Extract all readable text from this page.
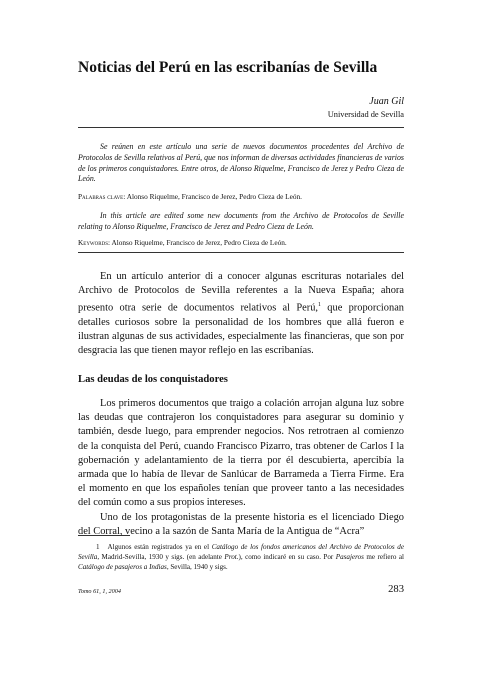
Noticias del Perú en las escribanías de Sevilla
Juan Gil
Universidad de Sevilla

Se reúnen en este artículo una serie de nuevos documentos procedentes del Archivo de Protocolos de Sevilla relativos al Perú, que nos informan de diversas actividades financieras de varios de los primeros conquistadores. Entre otros, de Alonso Riquelme, Francisco de Jerez y Pedro Cieza de León.

Palabras clave: Alonso Riquelme, Francisco de Jerez, Pedro Cieza de León.

In this article are edited some new documents from the Archivo de Protocolos de Seville relating to Alonso Riquelme, Francisco de Jerez and Pedro Cieza de León.

Keywords: Alonso Riquelme, Francisco de Jerez, Pedro Cieza de León.

En un artículo anterior di a conocer algunas escrituras notariales del Archivo de Protocolos de Sevilla referentes a la Nueva España; ahora presento otra serie de documentos relativos al Perú,$^1$ que proporcionan detalles curiosos sobre la personalidad de los hombres que allá fueron e ilustran algunas de sus actividades, especialmente las financieras, que son por desgracia las que tienen mayor reflejo en las escribanías.

Las deudas de los conquistadores

Los primeros documentos que traigo a colación arrojan alguna luz sobre las deudas que contrajeron los conquistadores para asegurar su dominio y también, desde luego, para emprender negocios. Nos retrotraen al comienzo de la conquista del Perú, cuando Francisco Pizarro, tras obtener de Carlos I la gobernación y adelantamiento de la tierra por él descubierta, apercibía la armada que lo había de llevar de Sanlúcar de Barrameda a Tierra Firme. Era el momento en que los españoles tenían que proveer tanto a las necesidades del común como a sus propios intereses.

Uno de los protagonistas de la presente historia es el licenciado Diego del Corral, vecino a la sazón de Santa María de la Antigua de “Acra”

1 Algunos están registrados ya en el Catálogo de los fondos americanos del Archivo de Protocolos de Sevilla, Madrid-Sevilla, 1930 y sigs. (en adelante Prot.), como indicaré en su caso. Por Pasajeros me refiero al Catálogo de pasajeros a Indias, Sevilla, 1940 y sigs.

Tomo 61, 1, 2004	283
